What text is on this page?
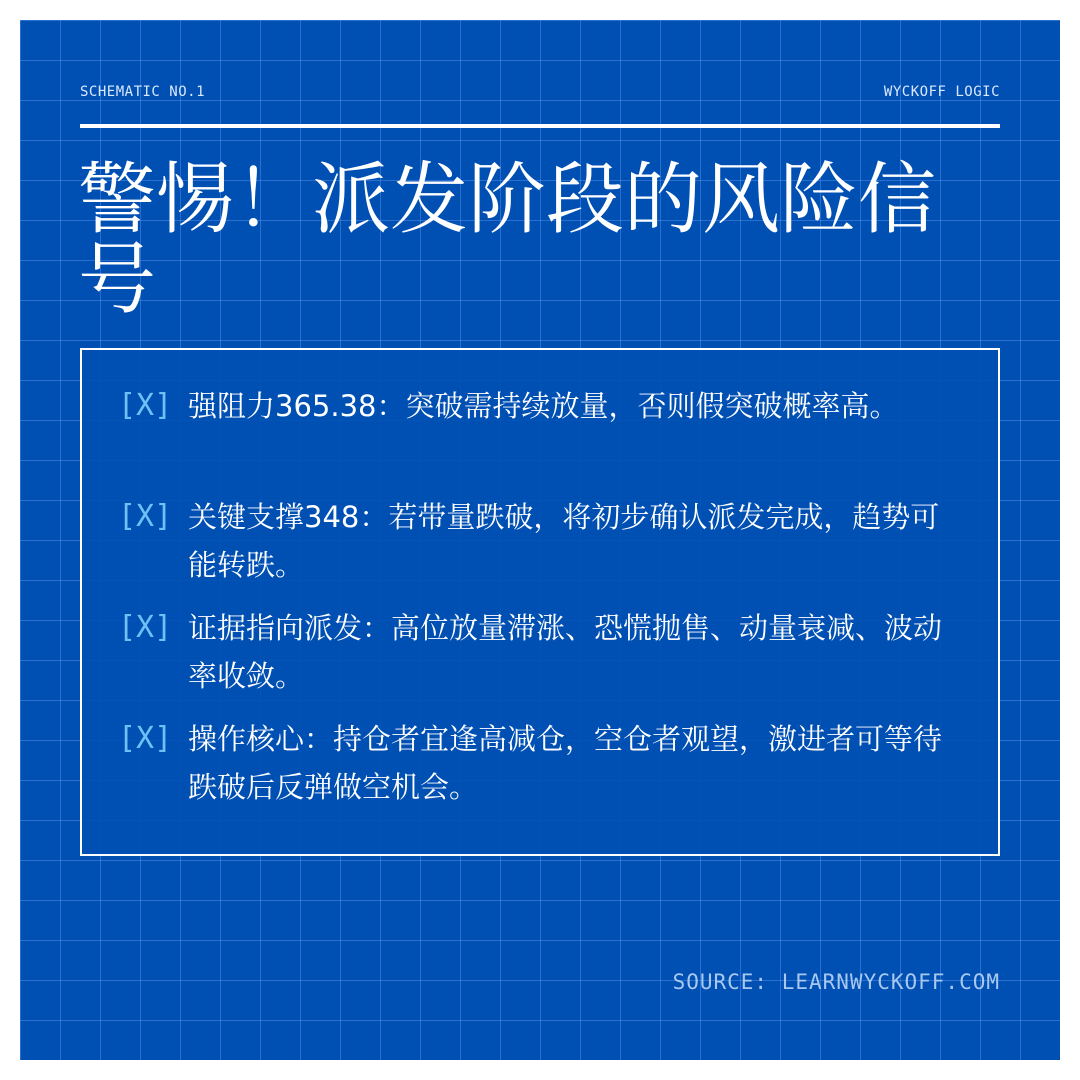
SCHEMATIC NO.1	WYCKOFF LOGIC
警惕！派发阶段的风险信号
[X] 强阻力365.38：突破需持续放量，否则假突破概率高。
[X] 关键支撑348：若带量跌破，将初步确认派发完成，趋势可能转跌。
[X] 证据指向派发：高位放量滞涨、恐慌抛售、动量衰减、波动率收敛。
[X] 操作核心：持仓者宜逢高减仓，空仓者观望，激进者可等待跌破后反弹做空机会。
SOURCE: LEARNWYCKOFF.COM
